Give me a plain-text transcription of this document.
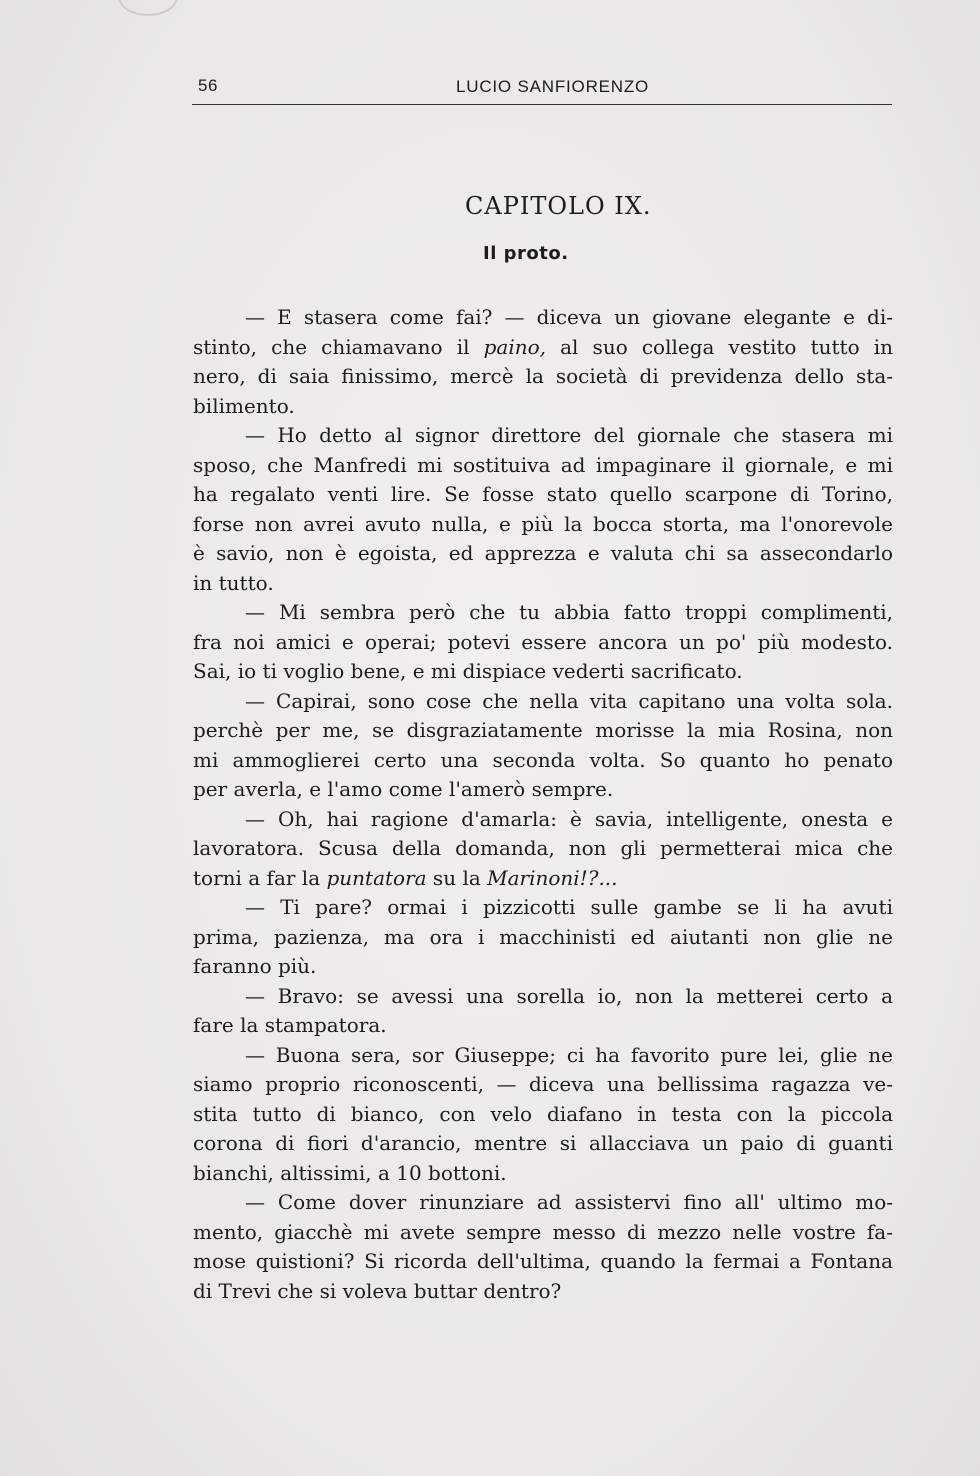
56	LUCIO SANFIORENZO
CAPITOLO IX.
Il proto.
— E stasera come fai? — diceva un giovane elegante e di-
stinto, che chiamavano il paino, al suo collega vestito tutto in
nero, di saia finissimo, mercè la società di previdenza dello sta-
bilimento.
— Ho detto al signor direttore del giornale che stasera mi
sposo, che Manfredi mi sostituiva ad impaginare il giornale, e mi
ha regalato venti lire. Se fosse stato quello scarpone di Torino,
forse non avrei avuto nulla, e più la bocca storta, ma l'onorevole
è savio, non è egoista, ed apprezza e valuta chi sa assecondarlo
in tutto.
— Mi sembra però che tu abbia fatto troppi complimenti,
fra noi amici e operai; potevi essere ancora un po' più modesto.
Sai, io ti voglio bene, e mi dispiace vederti sacrificato.
— Capirai, sono cose che nella vita capitano una volta sola.
perchè per me, se disgraziatamente morisse la mia Rosina, non
mi ammoglierei certo una seconda volta. So quanto ho penato
per averla, e l'amo come l'amerò sempre.
— Oh, hai ragione d'amarla: è savia, intelligente, onesta e
lavoratora. Scusa della domanda, non gli permetterai mica che
torni a far la puntatora su la Marinoni!?...
— Ti pare? ormai i pizzicotti sulle gambe se li ha avuti
prima, pazienza, ma ora i macchinisti ed aiutanti non glie ne
faranno più.
— Bravo: se avessi una sorella io, non la metterei certo a
fare la stampatora.
— Buona sera, sor Giuseppe; ci ha favorito pure lei, glie ne
siamo proprio riconoscenti, — diceva una bellissima ragazza ve-
stita tutto di bianco, con velo diafano in testa con la piccola
corona di fiori d'arancio, mentre si allacciava un paio di guanti
bianchi, altissimi, a 10 bottoni.
— Come dover rinunziare ad assistervi fino all' ultimo mo-
mento, giacchè mi avete sempre messo di mezzo nelle vostre fa-
mose quistioni? Si ricorda dell'ultima, quando la fermai a Fontana
di Trevi che si voleva buttar dentro?
